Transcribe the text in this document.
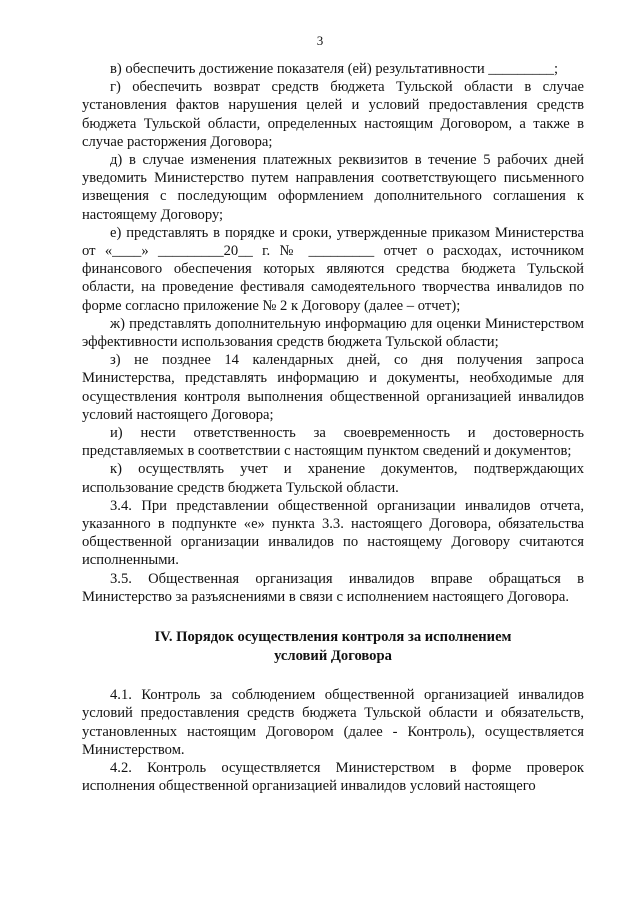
3

в) обеспечить достижение показателя (ей) результативности _________;

г) обеспечить возврат средств бюджета Тульской области в случае установления фактов нарушения целей и условий предоставления средств бюджета Тульской области, определенных настоящим Договором, а также в случае расторжения Договора;

д) в случае изменения платежных реквизитов в течение 5 рабочих дней уведомить Министерство путем направления соответствующего письменного извещения с последующим оформлением дополнительного соглашения к настоящему Договору;

е) представлять в порядке и сроки, утвержденные приказом Министерства от «____» _________20__ г. № _________ отчет о расходах, источником финансового обеспечения которых являются средства бюджета Тульской области, на проведение фестиваля самодеятельного творчества инвалидов по форме согласно приложение № 2 к Договору (далее – отчет);

ж) представлять дополнительную информацию для оценки Министерством эффективности использования средств бюджета Тульской области;

з) не позднее 14 календарных дней, со дня получения запроса Министерства, представлять информацию и документы, необходимые для осуществления контроля выполнения общественной организацией инвалидов условий настоящего Договора;

и) нести ответственность за своевременность и достоверность представляемых в соответствии с настоящим пунктом сведений и документов;

к) осуществлять учет и хранение документов, подтверждающих использование средств бюджета Тульской области.

3.4. При представлении общественной организации инвалидов отчета, указанного в подпункте «е» пункта 3.3. настоящего Договора, обязательства общественной организации инвалидов по настоящему Договору считаются исполненными.

3.5. Общественная организация инвалидов вправе обращаться в Министерство за разъяснениями в связи с исполнением настоящего Договора.

IV. Порядок осуществления контроля за исполнением
условий Договора

4.1. Контроль за соблюдением общественной организацией инвалидов условий предоставления средств бюджета Тульской области и обязательств, установленных настоящим Договором (далее - Контроль), осуществляется Министерством.

4.2. Контроль осуществляется Министерством в форме проверок исполнения общественной организацией инвалидов условий настоящего
